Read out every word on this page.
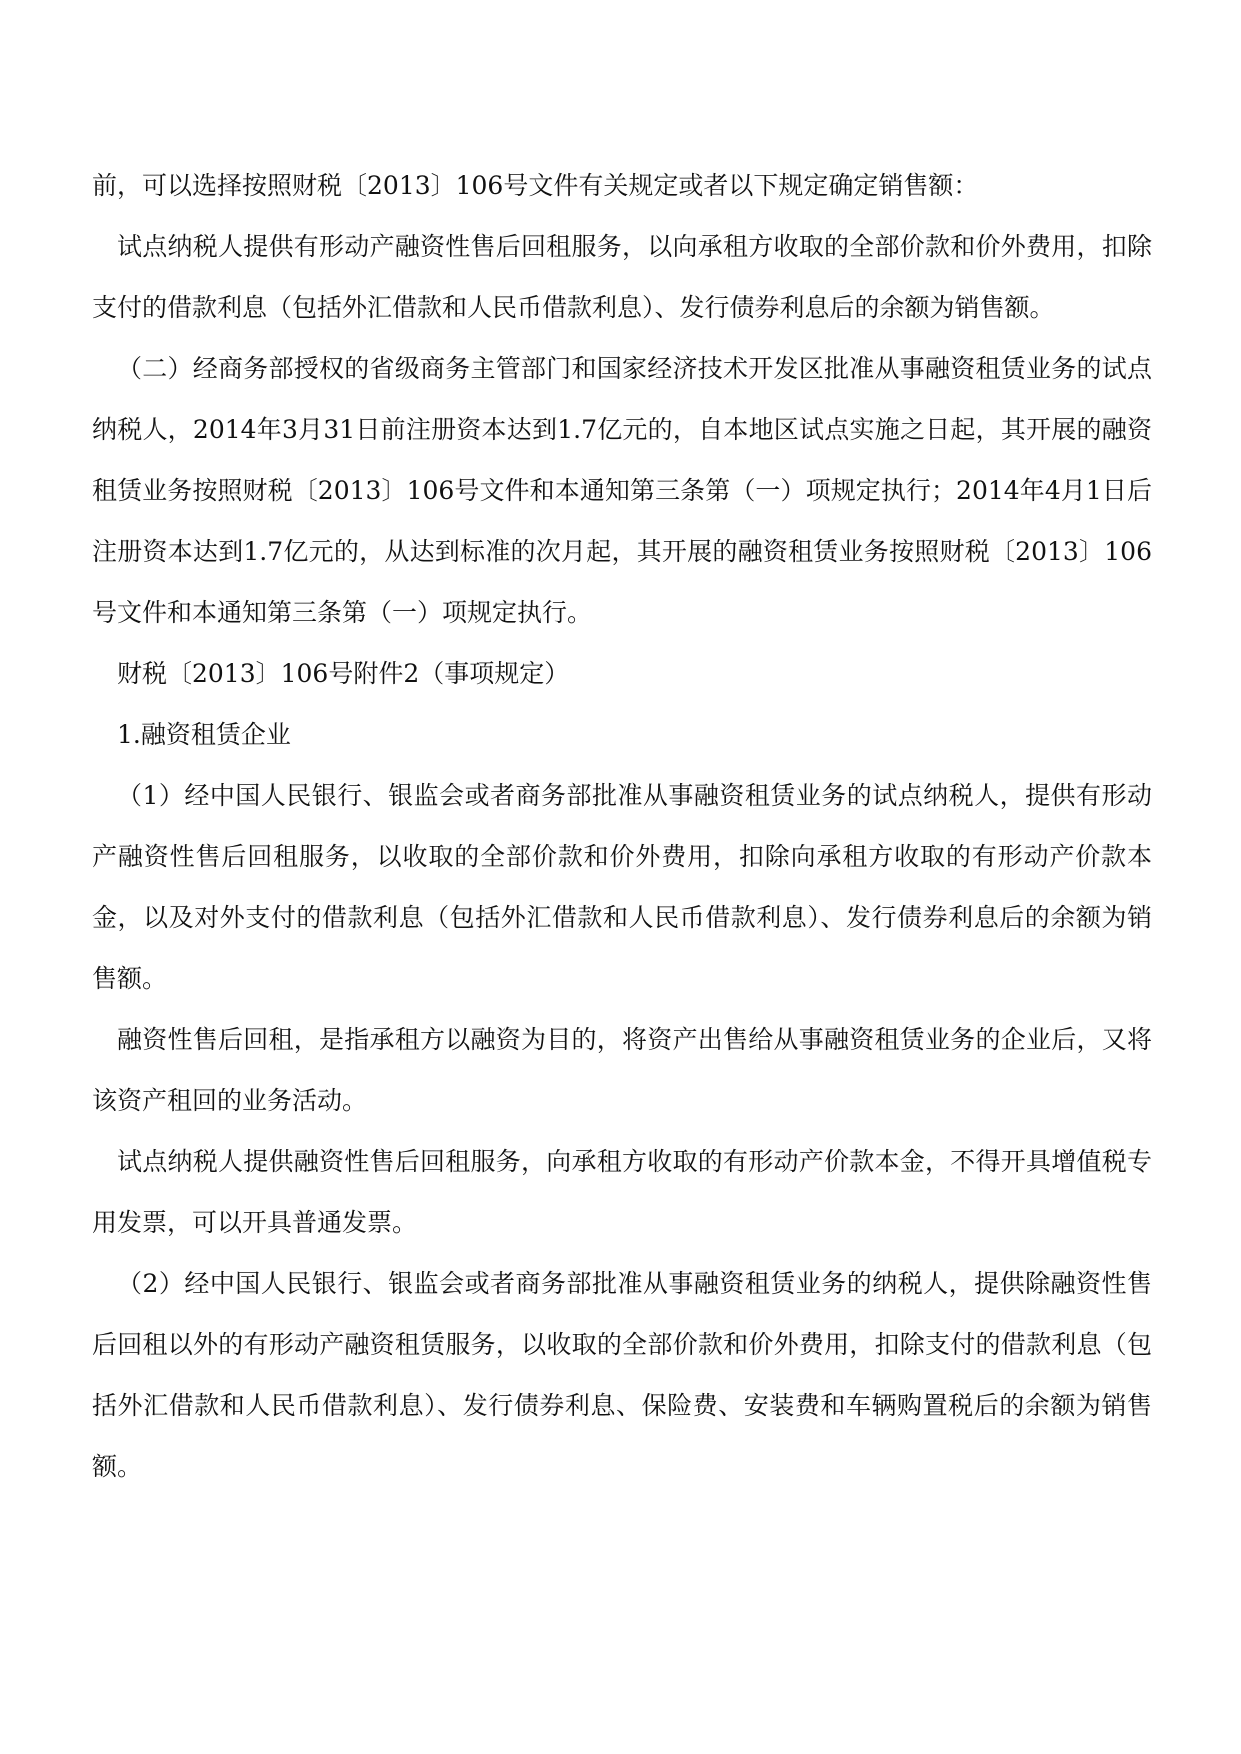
前，可以选择按照财税〔2013〕106号文件有关规定或者以下规定确定销售额：

试点纳税人提供有形动产融资性售后回租服务，以向承租方收取的全部价款和价外费用，扣除支付的借款利息（包括外汇借款和人民币借款利息）、发行债券利息后的余额为销售额。

（二）经商务部授权的省级商务主管部门和国家经济技术开发区批准从事融资租赁业务的试点纳税人，2014年3月31日前注册资本达到1.7亿元的，自本地区试点实施之日起，其开展的融资租赁业务按照财税〔2013〕106号文件和本通知第三条第（一）项规定执行；2014年4月1日后注册资本达到1.7亿元的，从达到标准的次月起，其开展的融资租赁业务按照财税〔2013〕106号文件和本通知第三条第（一）项规定执行。

财税〔2013〕106号附件2（事项规定）

1.融资租赁企业

（1）经中国人民银行、银监会或者商务部批准从事融资租赁业务的试点纳税人，提供有形动产融资性售后回租服务，以收取的全部价款和价外费用，扣除向承租方收取的有形动产价款本金，以及对外支付的借款利息（包括外汇借款和人民币借款利息）、发行债券利息后的余额为销售额。

融资性售后回租，是指承租方以融资为目的，将资产出售给从事融资租赁业务的企业后，又将该资产租回的业务活动。

试点纳税人提供融资性售后回租服务，向承租方收取的有形动产价款本金，不得开具增值税专用发票，可以开具普通发票。

（2）经中国人民银行、银监会或者商务部批准从事融资租赁业务的纳税人，提供除融资性售后回租以外的有形动产融资租赁服务，以收取的全部价款和价外费用，扣除支付的借款利息（包括外汇借款和人民币借款利息）、发行债券利息、保险费、安装费和车辆购置税后的余额为销售额。
